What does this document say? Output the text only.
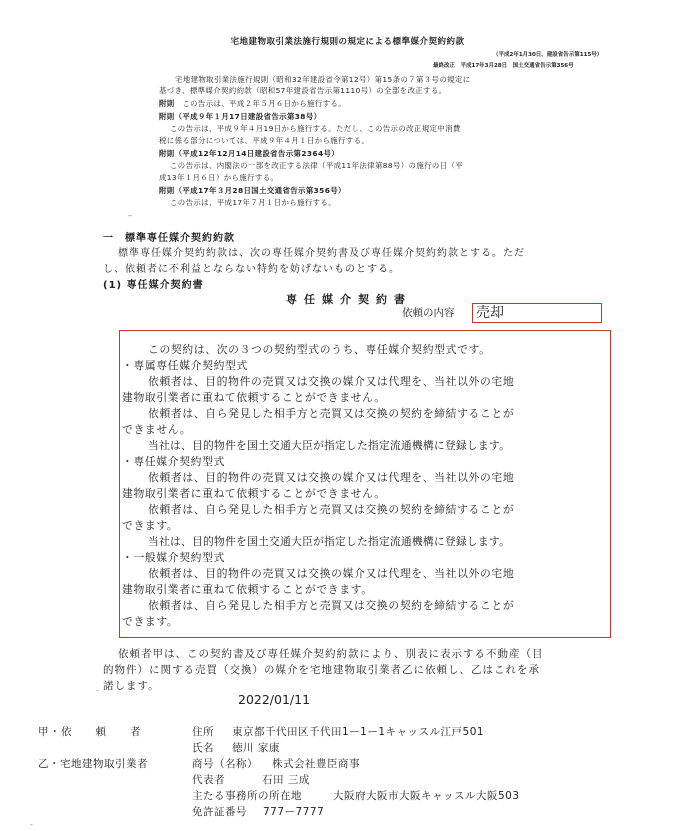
宅地建物取引業法施行規則の規定による標準媒介契約約款
（平成2年1月30日、建設省告示第115号）
最終改正　平成17年3月28日　国土交通省告示第356号
宅地建物取引業法施行規則（昭和32年建設省令第12号）第15条の７第３号の規定に
基づき、標準媒介契約約款（昭和57年建設省告示第1110号）の全部を改正する。
附則　 この告示は、平成２年５月６日から施行する。
附則（平成９年１月17日建設省告示第38号）
この告示は、平成９年４月19日から施行する。ただし、この告示の改正規定中消費
税に係る部分については、平成９年４月１日から施行する。
附則（平成12年12月14日建設省告示第2364号）
この告示は、内閣法の一部を改正する法律（平成11年法律第88号）の施行の日（平
成13年１月６日）から施行する。
附則（平成17年３月28日国土交通省告示第356号）
この告示は、平成17年７月１日から施行する。
_
一　標準専任媒介契約約款
標準専任媒介契約約款は、次の専任媒介契約書及び専任媒介契約約款とする。ただ
し、依頼者に不利益とならない特約を妨げないものとする。
(1) 専任媒介契約書
専任媒介契約書
依頼の内容 売却
この契約は、次の３つの契約型式のうち、専任媒介契約型式です。
・専属専任媒介契約型式
依頼者は、目的物件の売買又は交換の媒介又は代理を、当社以外の宅地
建物取引業者に重ねて依頼することができません。
依頼者は、自ら発見した相手方と売買又は交換の契約を締結することが
できません。
当社は、目的物件を国土交通大臣が指定した指定流通機構に登録します。
・専任媒介契約型式
依頼者は、目的物件の売買又は交換の媒介又は代理を、当社以外の宅地
建物取引業者に重ねて依頼することができません。
依頼者は、自ら発見した相手方と売買又は交換の契約を締結することが
できます。
当社は、目的物件を国土交通大臣が指定した指定流通機構に登録します。
・一般媒介契約型式
依頼者は、目的物件の売買又は交換の媒介又は代理を、当社以外の宅地
建物取引業者に重ねて依頼することができます。
依頼者は、自ら発見した相手方と売買又は交換の契約を締結することが
できます。
依頼者甲は、この契約書及び専任媒介契約約款により、別表に表示する不動産（目
的物件）に関する売買（交換）の媒介を宅地建物取引業者乙に依頼し、乙はこれを承
諾します。
-
2022/01/11
甲・依　　頼　　者	住所 東京都千代田区千代田1ー1ー1キャッスル江戸501
氏名 徳川 家康
乙・宅地建物取引業者	商号（名称） 株式会社豊臣商事
代表者	石田 三成
主たる事務所の所在地	大阪府大阪市大阪キャッスル大阪503
免許証番号 777ー7777
-
